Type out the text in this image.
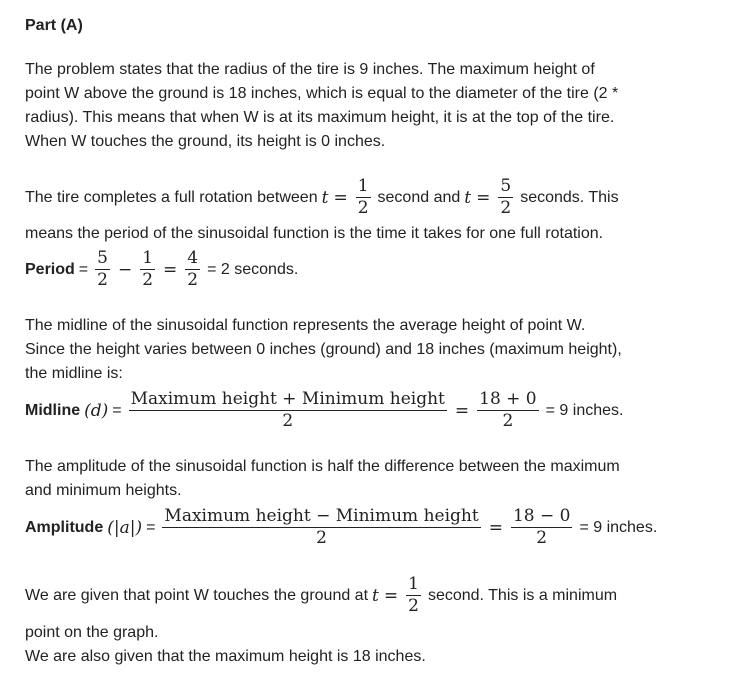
Part (A)
The problem states that the radius of the tire is 9 inches. The maximum height of
point W above the ground is 18 inches, which is equal to the diameter of the tire (2 *
radius). This means that when W is at its maximum height, it is at the top of the tire.
When W touches the ground, its height is 0 inches.
The tire completes a full rotation between $t = \frac{1}{2}$ second and $t = \frac{5}{2}$ seconds. This
means the period of the sinusoidal function is the time it takes for one full rotation.
Period = $\frac{5}{2} - \frac{1}{2} = \frac{4}{2} = 2$ seconds.
The midline of the sinusoidal function represents the average height of point W.
Since the height varies between 0 inches (ground) and 18 inches (maximum height),
the midline is:
Midline $(d) = \frac{\text{Maximum height + Minimum height}}{2} = \frac{18 + 0}{2} = 9$ inches.
The amplitude of the sinusoidal function is half the difference between the maximum
and minimum heights.
Amplitude $(|a|) = \frac{\text{Maximum height − Minimum height}}{2} = \frac{18 - 0}{2} = 9$ inches.
We are given that point W touches the ground at $t = \frac{1}{2}$ second. This is a minimum
point on the graph.
We are also given that the maximum height is 18 inches.
